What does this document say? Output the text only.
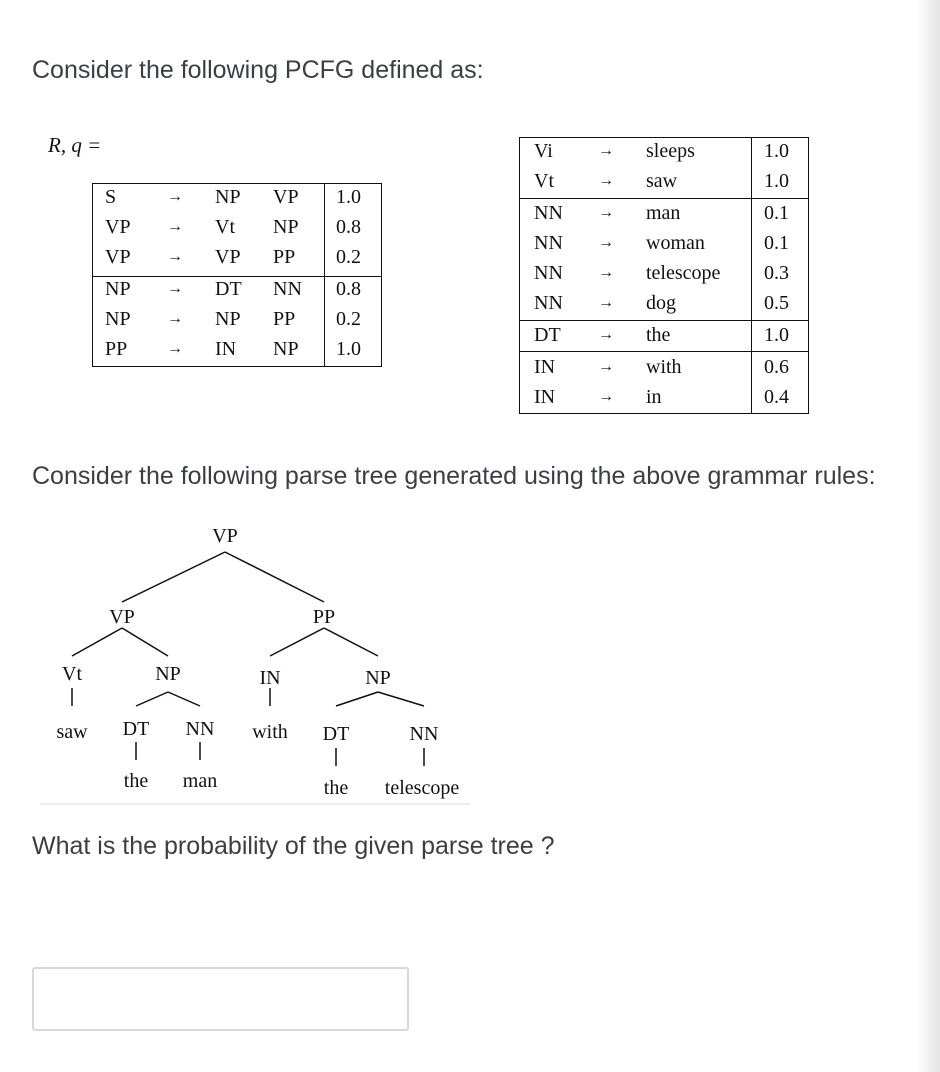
Consider the following PCFG defined as:

R, q =
S	→ NP VP 1.0
VP → Vt NP 0.8
VP → VP PP 0.2
NP → DT NN 0.8
NP → NP PP 0.2
PP → IN NP 1.0
Vi	→ sleeps	1.0
Vt	→ saw	1.0
NN → man	0.1
NN → woman	0.1
NN → telescope 0.3
NN → dog	0.5
DT → the	1.0
IN	→ with	0.6
IN	→ in	0.4

Consider the following parse tree generated using the above grammar rules:

VP
VP	PP
Vt	NP	IN	NP
saw DT NN with DT	NN
the man	the telescope

What is the probability of the given parse tree ?
